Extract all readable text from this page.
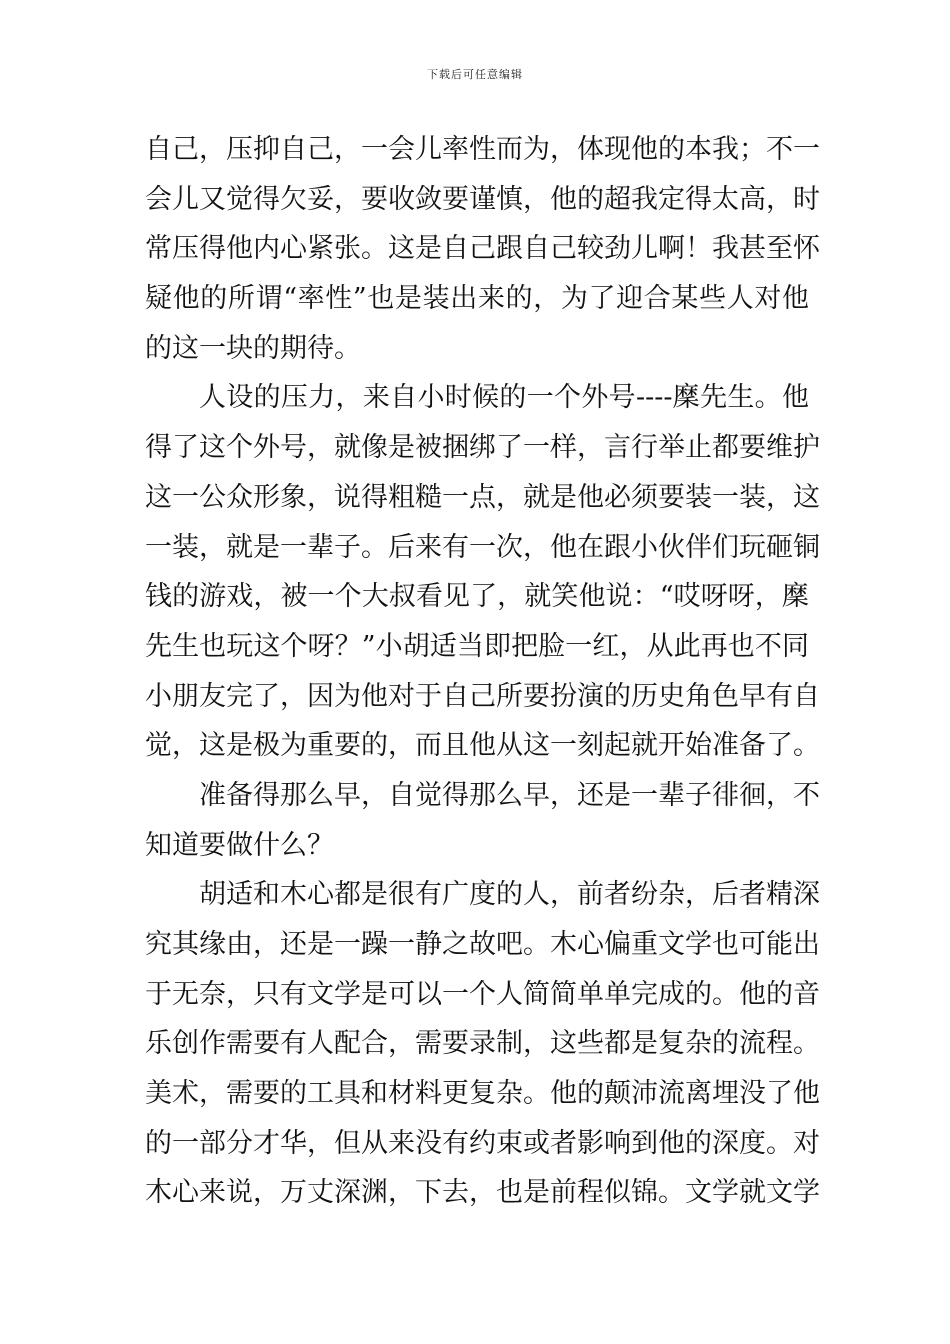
下载后可任意编辑
自己，压抑自己，一会儿率性而为，体现他的本我；不一
会儿又觉得欠妥，要收敛要谨慎，他的超我定得太高，时
常压得他内心紧张。这是自己跟自己较劲儿啊！我甚至怀
疑他的所谓“率性”也是装出来的，为了迎合某些人对他
的这一块的期待。
人设的压力，来自小时候的一个外号----穈先生。他
得了这个外号，就像是被捆绑了一样，言行举止都要维护
这一公众形象，说得粗糙一点，就是他必须要装一装，这
一装，就是一辈子。后来有一次，他在跟小伙伴们玩砸铜
钱的游戏，被一个大叔看见了，就笑他说：“哎呀呀，穈
先生也玩这个呀？”小胡适当即把脸一红，从此再也不同
小朋友完了，因为他对于自己所要扮演的历史角色早有自
觉，这是极为重要的，而且他从这一刻起就开始准备了。
准备得那么早，自觉得那么早，还是一辈子徘徊，不
知道要做什么？
胡适和木心都是很有广度的人，前者纷杂，后者精深
究其缘由，还是一躁一静之故吧。木心偏重文学也可能出
于无奈，只有文学是可以一个人简简单单完成的。他的音
乐创作需要有人配合，需要录制，这些都是复杂的流程。
美术，需要的工具和材料更复杂。他的颠沛流离埋没了他
的一部分才华，但从来没有约束或者影响到他的深度。对
木心来说，万丈深渊，下去，也是前程似锦。文学就文学
